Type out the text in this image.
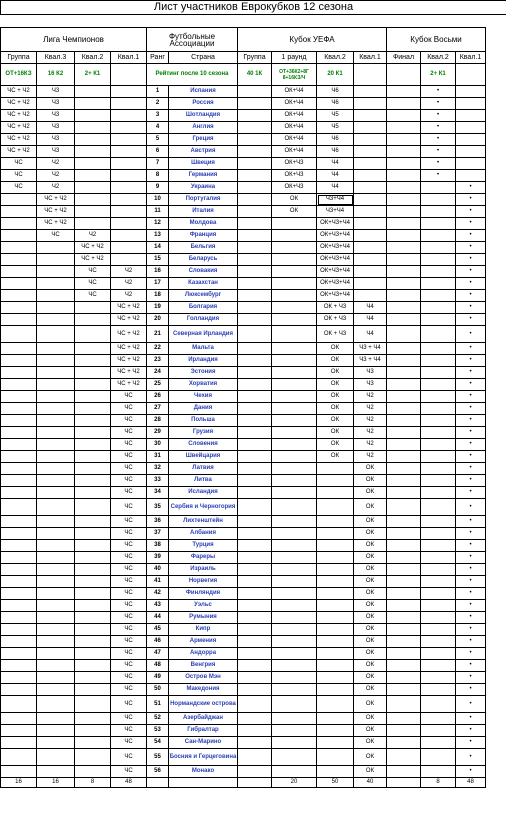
Лист участников Еврокубков 12 сезона
Лига Чемпионов				Футбольные Ассоциации		Кубок УЕФА				Кубок Восьми		
Группа	Квал.3	Квал.2	Квал.1	Ранг	Страна	Группа	1 раунд	Квал.2	Квал.1	Финал	Квал.2	Квал.1
ОТ+16КЗ	16 К2	2+ К1		Рейтинг после 10 сезона		40 1К	ОТ+36К2+8Г 8+16КЗ/Ч	20 К1			2+ К1	
ЧС + Ч2	Ч3			1	Испания		ОК+Ч4	Ч6			•	
ЧС + Ч2	Ч3			2	Россия		ОК+Ч4	Ч6			•	
ЧС + Ч2	Ч3			3	Шотландия		ОК+Ч4	Ч5			•	
ЧС + Ч2	Ч3			4	Англия		ОК+Ч4	Ч5			•	
ЧС + Ч2	Ч3			5	Греция		ОК+Ч4	Ч6			•	
ЧС + Ч2	Ч3			6	Австрия		ОК+Ч4	Ч6			•	
ЧС	Ч2			7	Швеция		ОК+Ч3	Ч4			•	
ЧС	Ч2			8	Германия		ОК+Ч3	Ч4			•	
ЧС	Ч2			9	Украина		ОК+Ч3	Ч4				•
	ЧС + Ч2			10	Португалия		ОК	Ч3+Ч4				•
	ЧС + Ч2			11	Италия		ОК	Ч3+Ч4				•
	ЧС + Ч2			12	Молдова			ОК+Ч3+Ч4				•
	ЧС	Ч2		13	Франция			ОК+Ч3+Ч4				•
		ЧС + Ч2		14	Бельгия			ОК+Ч3+Ч4				•
		ЧС + Ч2		15	Беларусь			ОК+Ч3+Ч4				•
		ЧС	Ч2	16	Словакия			ОК+Ч3+Ч4				•
		ЧС	Ч2	17	Казахстан			ОК+Ч3+Ч4				•
		ЧС	Ч2	18	Люксембург			ОК+Ч3+Ч4				•
			ЧС + Ч2	19	Болгария			ОК + Ч3	Ч4			•
			ЧС + Ч2	20	Голландия			ОК + Ч3	Ч4			•
			ЧС + Ч2	21	Северная Ирландия			ОК + Ч3	Ч4			•
			ЧС + Ч2	22	Мальта			ОК	Ч3 + Ч4			•
			ЧС + Ч2	23	Ирландия			ОК	Ч3 + Ч4			•
			ЧС + Ч2	24	Эстония			ОК	Ч3			•
			ЧС + Ч2	25	Хорватия			ОК	Ч3			•
			ЧС	26	Чехия			ОК	Ч2			•
			ЧС	27	Дания			ОК	Ч2			•
			ЧС	28	Польша			ОК	Ч2			•
			ЧС	29	Грузия			ОК	Ч2			•
			ЧС	30	Словения			ОК	Ч2			•
			ЧС	31	Швейцария			ОК	Ч2			•
			ЧС	32	Латвия				ОК			•
			ЧС	33	Литва				ОК			•
			ЧС	34	Исландия				ОК			•
			ЧС	35	Сербия и Черногория				ОК			•
			ЧС	36	Лихтенштейн				ОК			•
			ЧС	37	Албания				ОК			•
			ЧС	38	Турция				ОК			•
			ЧС	39	Фареры				ОК			•
			ЧС	40	Израиль				ОК			•
			ЧС	41	Норвегия				ОК			•
			ЧС	42	Финляндия				ОК			•
			ЧС	43	Уэльс				ОК			•
			ЧС	44	Румыния				ОК			•
			ЧС	45	Кипр				ОК			•
			ЧС	46	Армения				ОК			•
			ЧС	47	Андорра				ОК			•
			ЧС	48	Венгрия				ОК			•
			ЧС	49	Остров Мэн				ОК			•
			ЧС	50	Македония				ОК			•
			ЧС	51	Нормандские острова				ОК			•
			ЧС	52	Азербайджан				ОК			•
			ЧС	53	Гибралтар				ОК			•
			ЧС	54	Сан-Марино				ОК			•
			ЧС	55	Босния и Герцеговина				ОК			•
			ЧС	56	Монако				ОК			•
16	16	8	48				20	50	40		8	48
